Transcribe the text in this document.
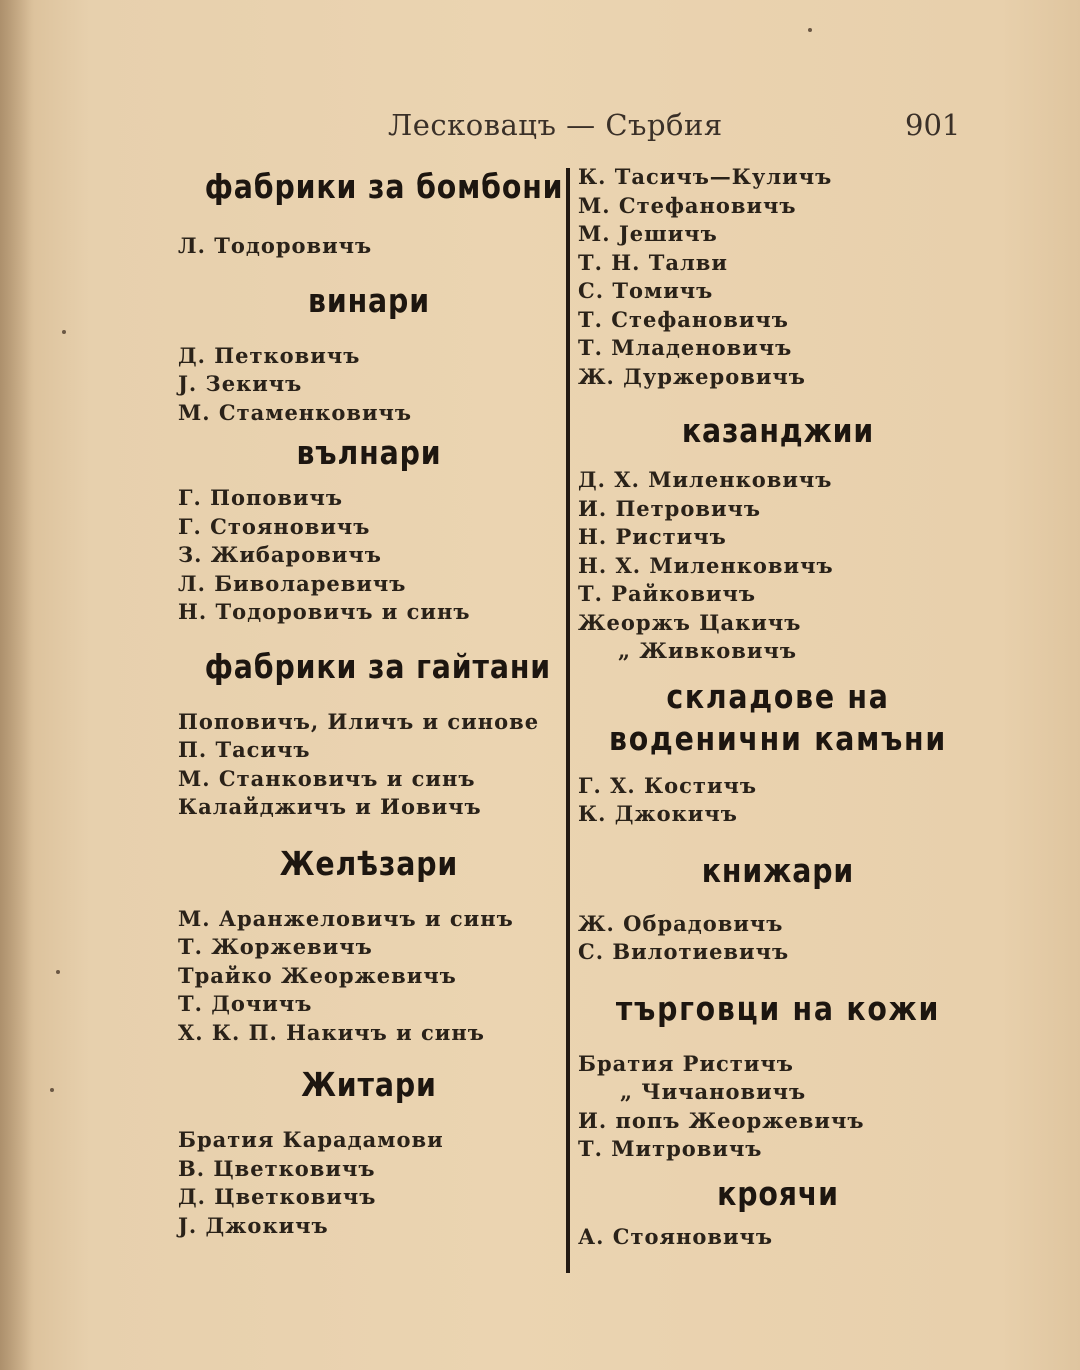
Лесковацъ — Сърбия	901
фабрики за бомбони
Л. Тодоровичъ
винари
Д. Петковичъ
Ј. Зекичъ
М. Стаменковичъ
вълнари
Г. Поповичъ
Г. Стояновичъ
З. Жибаровичъ
Л. Биволаревичъ
Н. Тодоровичъ и синъ
фабрики за гайтани
Поповичъ, Иличъ и синове
П. Тасичъ
М. Станковичъ и синъ
Калайджичъ и Иовичъ
Желѣзари
М. Аранжеловичъ и синъ
Т. Жоржевичъ
Трайко Жеоржевичъ
Т. Дочичъ
Х. К. П. Накичъ и синъ
Житари
Братия Карадамови
В. Цветковичъ
Д. Цветковичъ
Ј. Джокичъ
К. Тасичъ—Куличъ
М. Стефановичъ
М. Јешичъ
Т. Н. Талви
С. Томичъ
Т. Стефановичъ
Т. Младеновичъ
Ж. Дуржеровичъ
казанджии
Д. Х. Миленковичъ
И. Петровичъ
Н. Ристичъ
Н. Х. Миленковичъ
Т. Райковичъ
Жеоржъ Цакичъ
„ Живковичъ
складове на воденични камъни
Г. Х. Костичъ
К. Джокичъ
книжари
Ж. Обрадовичъ
С. Вилотиевичъ
търговци на кожи
Братия Ристичъ
„ Чичановичъ
И. попъ Жеоржевичъ
Т. Митровичъ
кроячи
А. Стояновичъ
